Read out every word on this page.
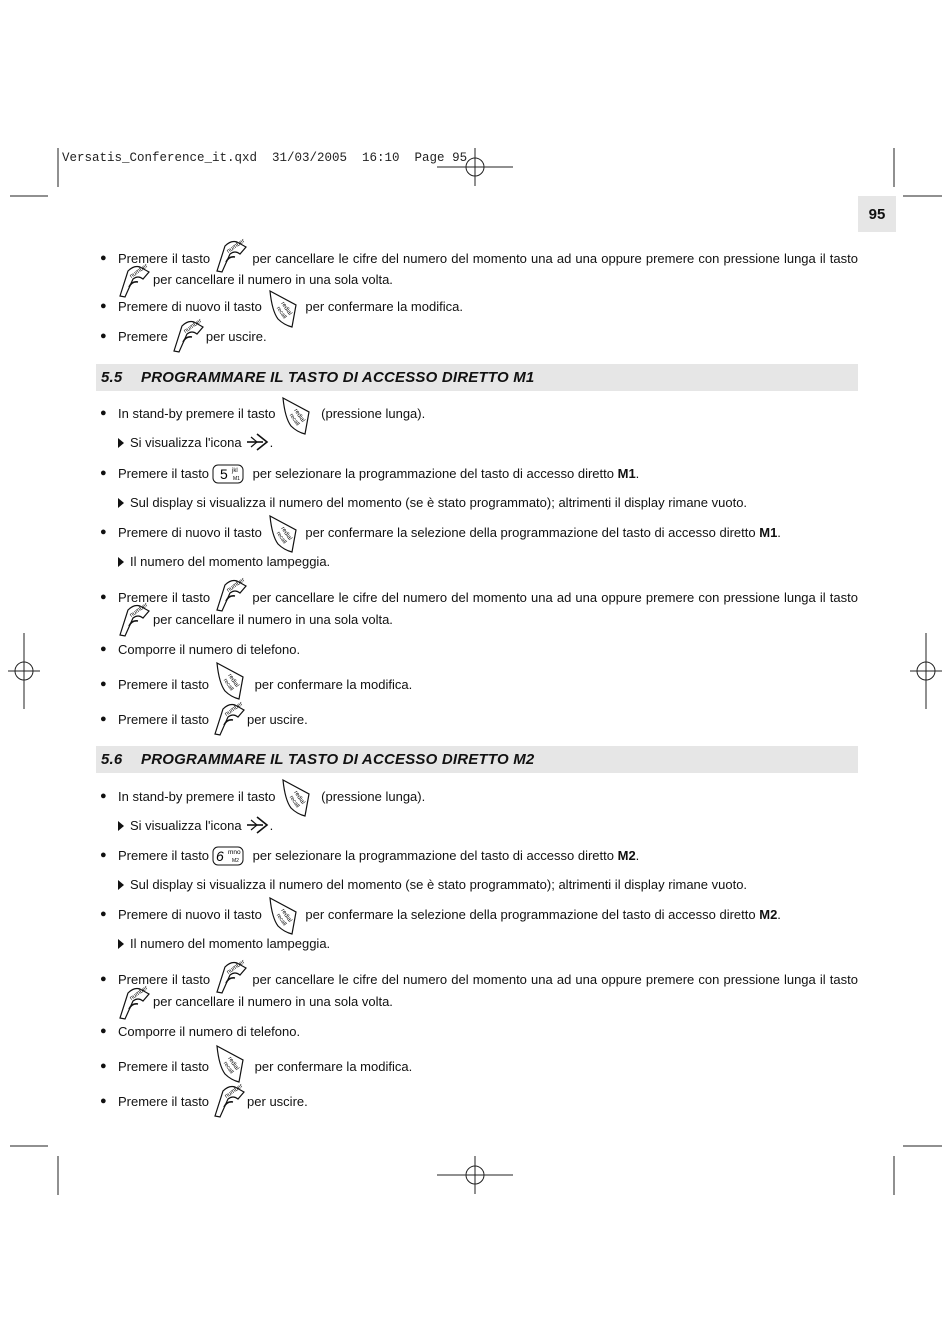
Versatis_Conference_it.qxd  31/03/2005  16:10  Page 95
95
● Premere il tasto	per cancellare le cifre del numero del momento una ad una oppure premere con pressione lunga il tasto
per cancellare il numero in una sola volta.
● Premere di nuovo il tasto	per confermare la modifica.
● Premere	per uscire.
5.5 PROGRAMMARE IL TASTO DI ACCESSO DIRETTO M1
● In stand-by premere il tasto	(pressione lunga).
Si visualizza l'icona .
● Premere il tasto	per selezionare la programmazione del tasto di accesso diretto M1.
5 jkl
M1
Sul display si visualizza il numero del momento (se è stato programmato); altrimenti il display rimane vuoto.
● Premere di nuovo il tasto	per confermare la selezione della programmazione del tasto di accesso diretto M1.
Il numero del momento lampeggia.
● Premere il tasto	per cancellare le cifre del numero del momento una ad una oppure premere con pressione lunga il tasto
per cancellare il numero in una sola volta.
● Comporre il numero di telefono.
● Premere il tasto	per confermare la modifica.
● Premere il tasto	per uscire.
5.6 PROGRAMMARE IL TASTO DI ACCESSO DIRETTO M2
● In stand-by premere il tasto	(pressione lunga).
Si visualizza l'icona .
● Premere il tasto	per selezionare la programmazione del tasto di accesso diretto M2.
6 mno
M2
Sul display si visualizza il numero del momento (se è stato programmato); altrimenti il display rimane vuoto.
● Premere di nuovo il tasto	per confermare la selezione della programmazione del tasto di accesso diretto M2.
Il numero del momento lampeggia.
● Premere il tasto	per cancellare le cifre del numero del momento una ad una oppure premere con pressione lunga il tasto
per cancellare il numero in una sola volta.
● Comporre il numero di telefono.
● Premere il tasto	per confermare la modifica.
● Premere il tasto	per uscire.
